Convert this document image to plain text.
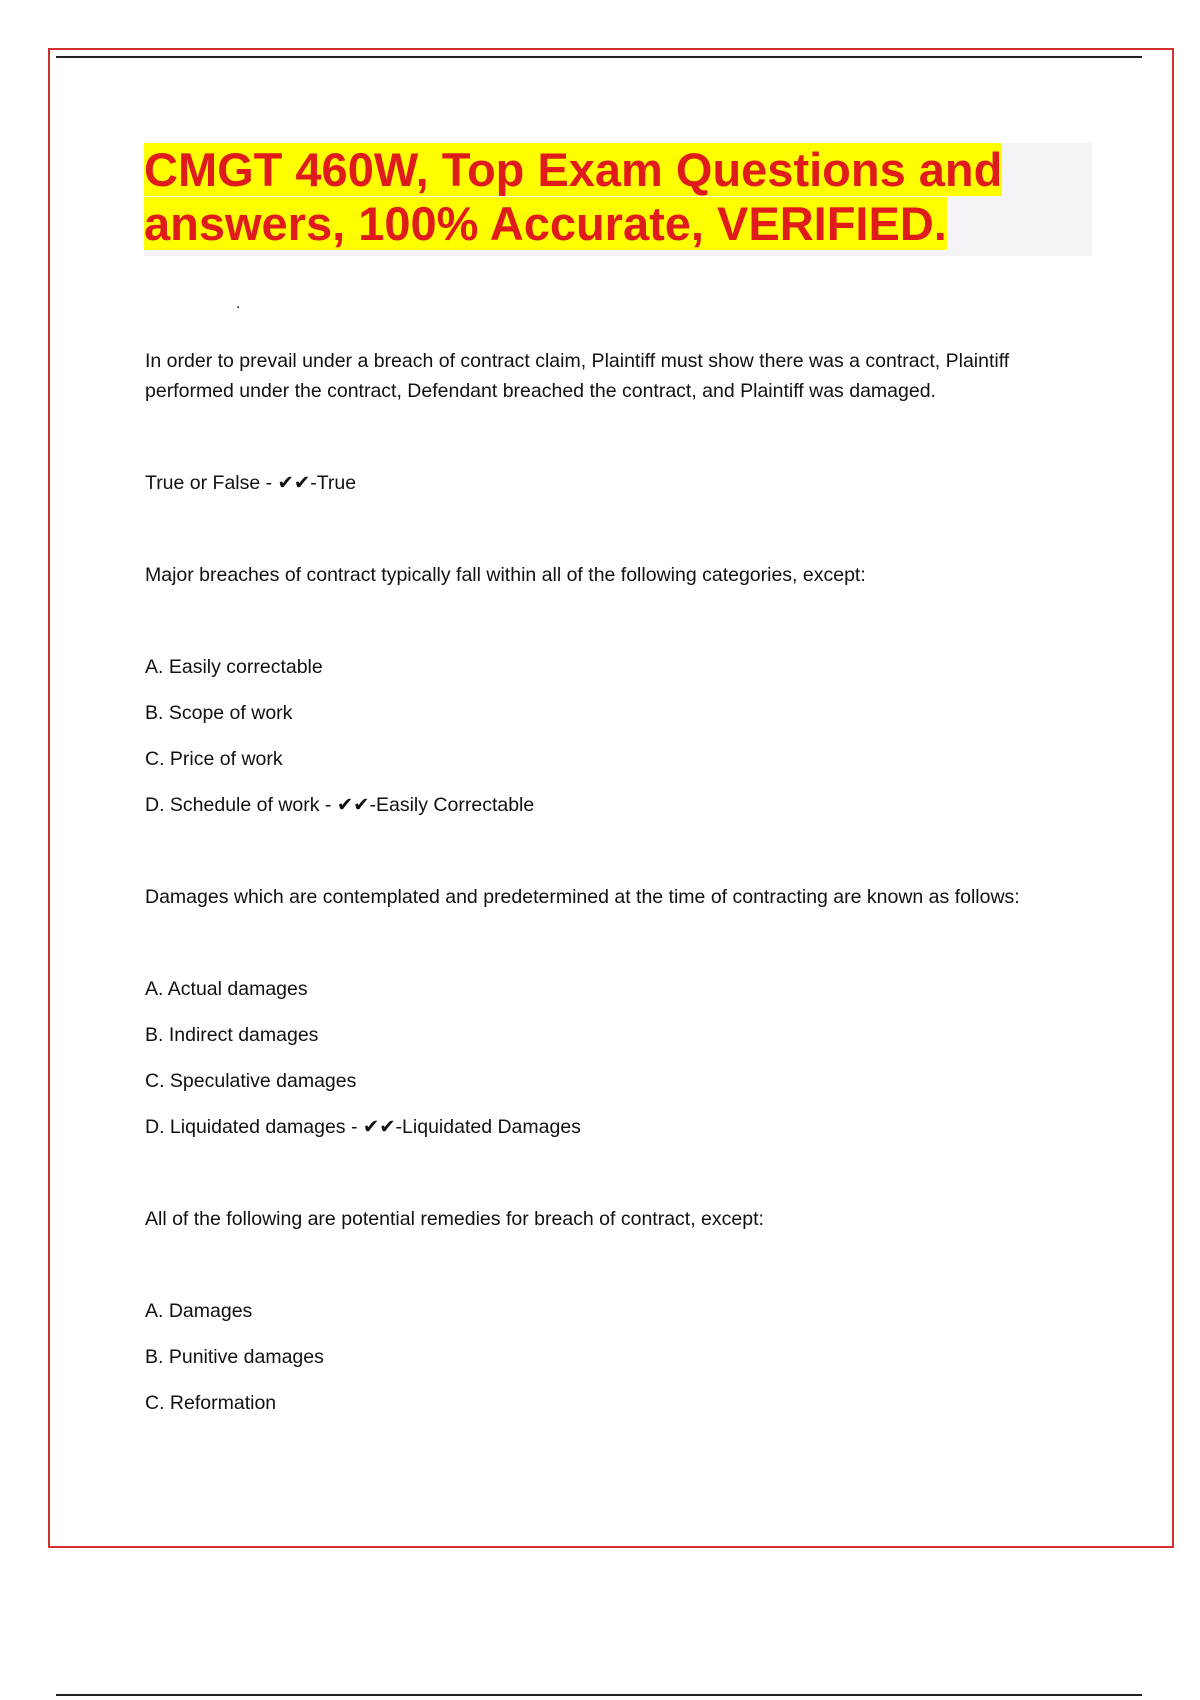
CMGT 460W, Top Exam Questions and
answers, 100% Accurate, VERIFIED.
.

In order to prevail under a breach of contract claim, Plaintiff must show there was a contract, Plaintiff performed under the contract, Defendant breached the contract, and Plaintiff was damaged.

True or False - ✔✔-True

Major breaches of contract typically fall within all of the following categories, except:

A. Easily correctable

B. Scope of work

C. Price of work

D. Schedule of work - ✔✔-Easily Correctable

Damages which are contemplated and predetermined at the time of contracting are known as follows:

A. Actual damages

B. Indirect damages

C. Speculative damages

D. Liquidated damages - ✔✔-Liquidated Damages

All of the following are potential remedies for breach of contract, except:

A. Damages

B. Punitive damages

C. Reformation
